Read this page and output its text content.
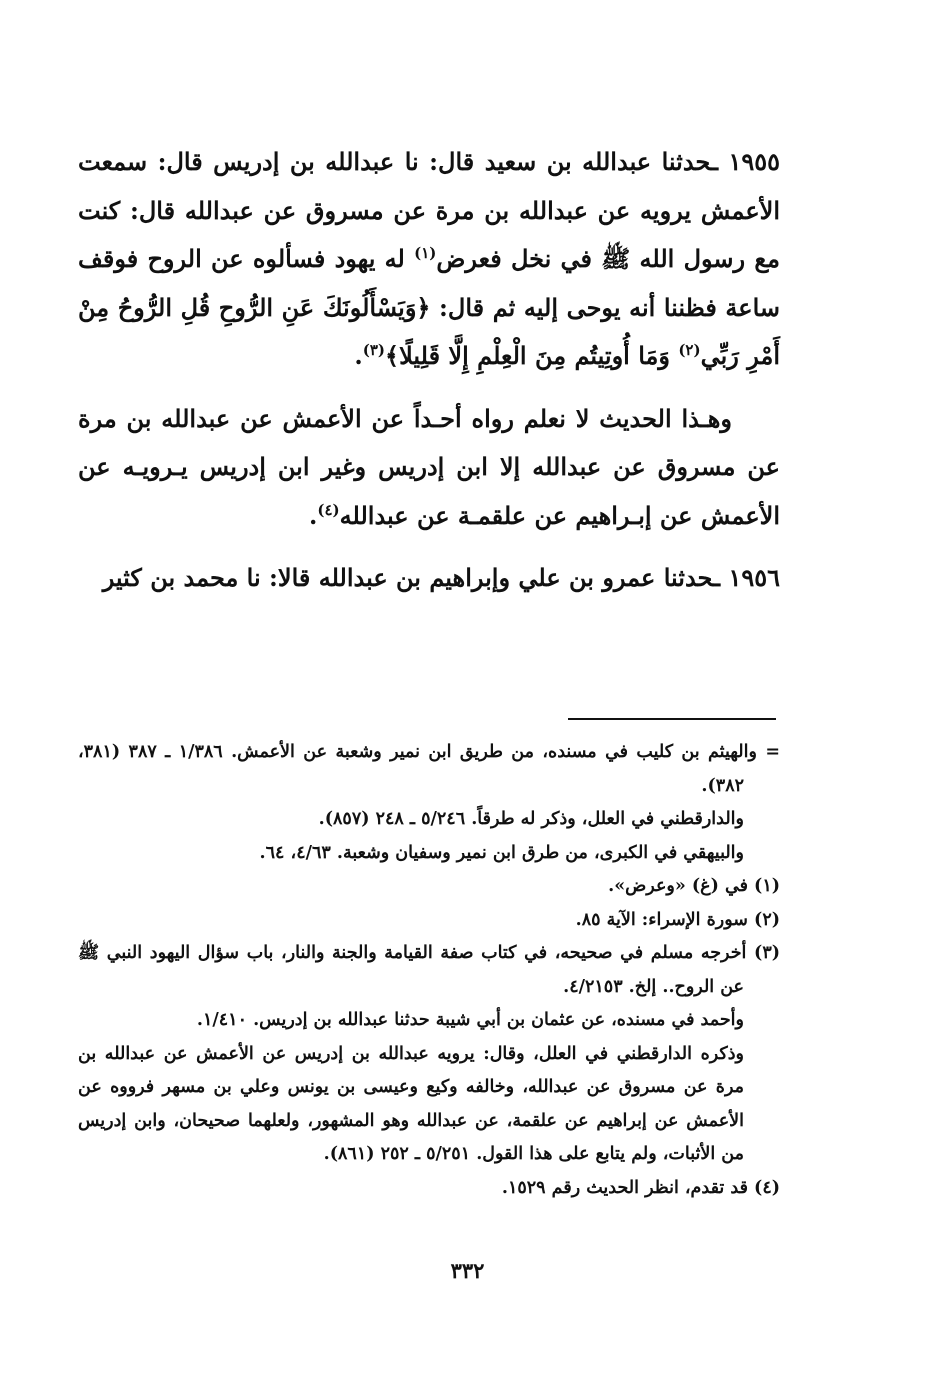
١٩٥٥ ـحدثنا عبدالله بن سعيد قال: نا عبدالله بن إدريس قال: سمعت الأعمش يرويه عن عبدالله بن مرة عن مسروق عن عبدالله قال: كنت مع رسول الله ﷺ في نخل فعرض$^{(١)}$ له يهود فسألوه عن الروح فوقف ساعة فظننا أنه يوحى إليه ثم قال: ﴿وَيَسْأَلُونَكَ عَنِ الرُّوحِ قُلِ الرُّوحُ مِنْ أَمْرِ رَبِّي$^{(٢)}$ وَمَا أُوتِيتُم مِنَ الْعِلْمِ إِلَّا قَلِيلًا﴾$^{(٣)}$.

وهـذا الحديث لا نعلم رواه أحـداً عن الأعمش عن عبدالله بن مرة عن مسروق عن عبدالله إلا ابن إدريس وغير ابن إدريس يـرويـه عن الأعمش عن إبـراهيم عن علقمـة عن عبدالله$^{(٤)}$.

١٩٥٦ ـحدثنا عمرو بن علي وإبراهيم بن عبدالله قالا: نا محمد بن كثير

= والهيثم بن كليب في مسنده، من طريق ابن نمير وشعبة عن الأعمش. ١/٣٨٦ ـ ٣٨٧ (٣٨١، ٣٨٢).

والدارقطني في العلل، وذكر له طرقاً. ٥/٢٤٦ ـ ٢٤٨ (٨٥٧).

والبيهقي في الكبرى، من طرق ابن نمير وسفيان وشعبة. ٤/٦٣، ٦٤.

(١) في (غ) «وعرض».

(٢) سورة الإسراء: الآية ٨٥.

(٣) أخرجه مسلم في صحيحه، في كتاب صفة القيامة والجنة والنار، باب سؤال اليهود النبي ﷺ عن الروح.. إلخ. ٤/٢١٥٣.

وأحمد في مسنده، عن عثمان بن أبي شيبة حدثنا عبدالله بن إدريس. ١/٤١٠.

وذكره الدارقطني في العلل، وقال: يرويه عبدالله بن إدريس عن الأعمش عن عبدالله بن مرة عن مسروق عن عبدالله، وخالفه وكيع وعيسى بن يونس وعلي بن مسهر فرووه عن الأعمش عن إبراهيم عن علقمة، عن عبدالله وهو المشهور، ولعلهما صحيحان، وابن إدريس من الأثبات، ولم يتابع على هذا القول. ٥/٢٥١ ـ ٢٥٢ (٨٦١).

(٤) قد تقدم، انظر الحديث رقم ١٥٢٩.

٣٣٢
